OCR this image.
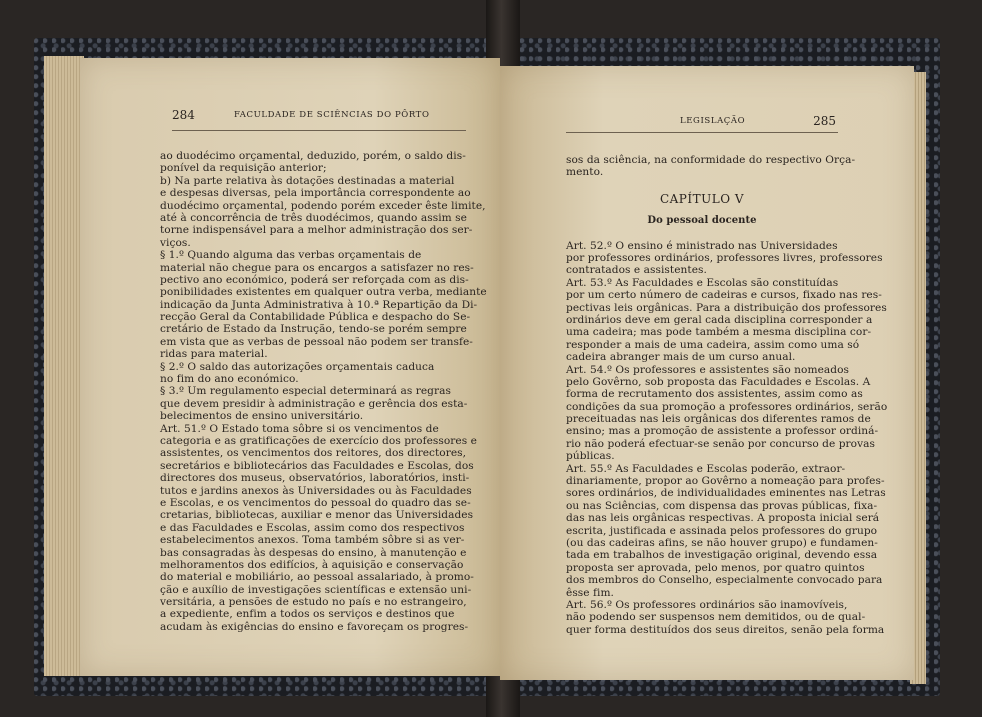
284	FACULDADE DE SCIÊNCIAS DO PÔRTO
ao duodécimo orçamental, deduzido, porém, o saldo dis-
ponível da requisição anterior;
b) Na parte relativa às dotações destinadas a material
e despesas diversas, pela importância correspondente ao
duodécimo orçamental, podendo porém exceder êste limite,
até à concorrência de três duodécimos, quando assim se
torne indispensável para a melhor administração dos ser-
viços.
§ 1.º Quando alguma das verbas orçamentais de
material não chegue para os encargos a satisfazer no res-
pectivo ano económico, poderá ser reforçada com as dis-
ponibilidades existentes em qualquer outra verba, mediante
indicação da Junta Administrativa à 10.ª Repartição da Di-
recção Geral da Contabilidade Pública e despacho do Se-
cretário de Estado da Instrução, tendo-se porém sempre
em vista que as verbas de pessoal não podem ser transfe-
ridas para material.
§ 2.º O saldo das autorizações orçamentais caduca
no fim do ano económico.
§ 3.º Um regulamento especial determinará as regras
que devem presidir à administração e gerência dos esta-
belecimentos de ensino universitário.
Art. 51.º O Estado toma sôbre si os vencimentos de
categoria e as gratificações de exercício dos professores e
assistentes, os vencimentos dos reitores, dos directores,
secretários e bibliotecários das Faculdades e Escolas, dos
directores dos museus, observatórios, laboratórios, insti-
tutos e jardins anexos às Universidades ou às Faculdades
e Escolas, e os vencimentos do pessoal do quadro das se-
cretarias, bibliotecas, auxiliar e menor das Universidades
e das Faculdades e Escolas, assim como dos respectivos
estabelecimentos anexos. Toma também sôbre si as ver-
bas consagradas às despesas do ensino, à manutenção e
melhoramentos dos edifícios, à aquisição e conservação
do material e mobiliário, ao pessoal assalariado, à promo-
ção e auxílio de investigações scientíficas e extensão uni-
versitária, a pensões de estudo no país e no estrangeiro,
a expediente, enfim a todos os serviços e destinos que
acudam às exigências do ensino e favoreçam os progres-
LEGISLAÇÃO	285
sos da sciência, na conformidade do respectivo Orça-
mento.
CAPÍTULO V
Do pessoal docente
Art. 52.º O ensino é ministrado nas Universidades
por professores ordinários, professores livres, professores
contratados e assistentes.
Art. 53.º As Faculdades e Escolas são constituídas
por um certo número de cadeiras e cursos, fixado nas res-
pectivas leis orgânicas. Para a distribuição dos professores
ordinários deve em geral cada disciplina corresponder a
uma cadeira; mas pode também a mesma disciplina cor-
responder a mais de uma cadeira, assim como uma só
cadeira abranger mais de um curso anual.
Art. 54.º Os professores e assistentes são nomeados
pelo Govêrno, sob proposta das Faculdades e Escolas. A
forma de recrutamento dos assistentes, assim como as
condições da sua promoção a professores ordinários, serão
preceituadas nas leis orgânicas dos diferentes ramos de
ensino; mas a promoção de assistente a professor ordiná-
rio não poderá efectuar-se senão por concurso de provas
públicas.
Art. 55.º As Faculdades e Escolas poderão, extraor-
dinariamente, propor ao Govêrno a nomeação para profes-
sores ordinários, de individualidades eminentes nas Letras
ou nas Sciências, com dispensa das provas públicas, fixa-
das nas leis orgânicas respectivas. A proposta inicial será
escrita, justificada e assinada pelos professores do grupo
(ou das cadeiras afins, se não houver grupo) e fundamen-
tada em trabalhos de investigação original, devendo essa
proposta ser aprovada, pelo menos, por quatro quintos
dos membros do Conselho, especialmente convocado para
êsse fim.
Art. 56.º Os professores ordinários são inamovíveis,
não podendo ser suspensos nem demitidos, ou de qual-
quer forma destituídos dos seus direitos, senão pela forma
